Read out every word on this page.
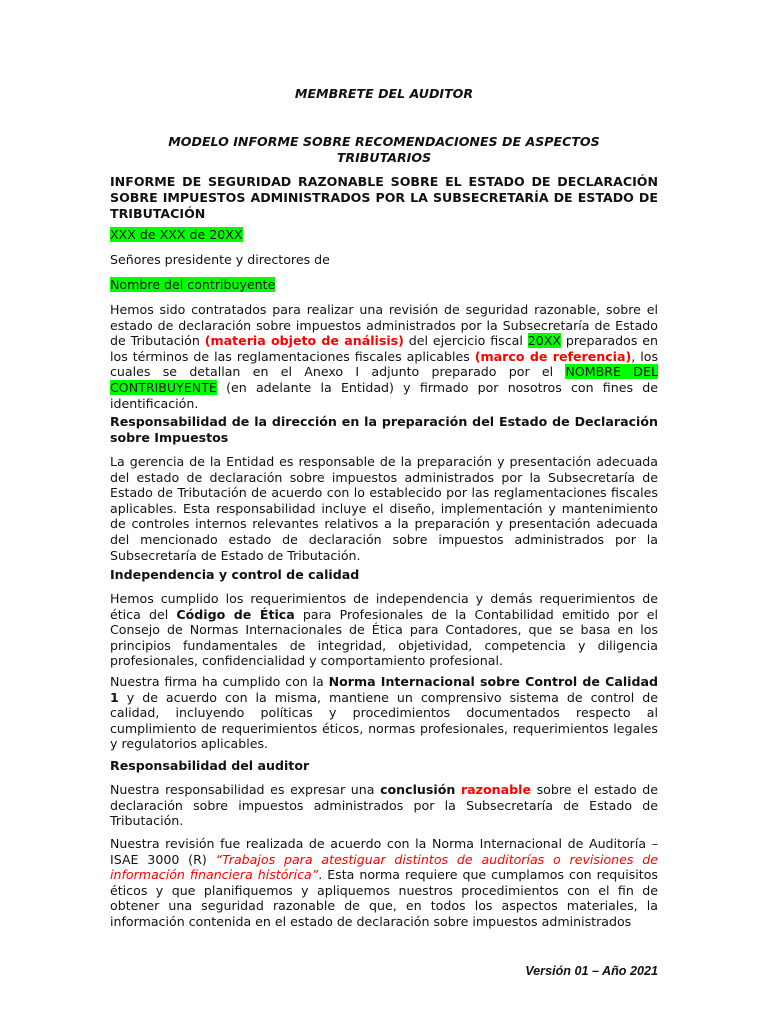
MEMBRETE DEL AUDITOR
MODELO INFORME SOBRE RECOMENDACIONES DE ASPECTOS
TRIBUTARIOS
INFORME DE SEGURIDAD RAZONABLE SOBRE EL ESTADO DE DECLARACIÓN SOBRE IMPUESTOS ADMINISTRADOS POR LA SUBSECRETARÍA DE ESTADO DE TRIBUTACIÓN
XXX de XXX de 20XX
Señores presidente y directores de
Nombre del contribuyente
Hemos sido contratados para realizar una revisión de seguridad razonable, sobre el estado de declaración sobre impuestos administrados por la Subsecretaría de Estado de Tributación (materia objeto de análisis) del ejercicio fiscal 20XX preparados en los términos de las reglamentaciones fiscales aplicables (marco de referencia), los cuales se detallan en el Anexo I adjunto preparado por el NOMBRE DEL CONTRIBUYENTE (en adelante la Entidad) y firmado por nosotros con fines de identificación.
Responsabilidad de la dirección en la preparación del Estado de Declaración sobre Impuestos
La gerencia de la Entidad es responsable de la preparación y presentación adecuada del estado de declaración sobre impuestos administrados por la Subsecretaría de Estado de Tributación de acuerdo con lo establecido por las reglamentaciones fiscales aplicables. Esta responsabilidad incluye el diseño, implementación y mantenimiento de controles internos relevantes relativos a la preparación y presentación adecuada del mencionado estado de declaración sobre impuestos administrados por la Subsecretaría de Estado de Tributación.
Independencia y control de calidad
Hemos cumplido los requerimientos de independencia y demás requerimientos de ética del Código de Ética para Profesionales de la Contabilidad emitido por el Consejo de Normas Internacionales de Ética para Contadores, que se basa en los principios fundamentales de integridad, objetividad, competencia y diligencia profesionales, confidencialidad y comportamiento profesional.
Nuestra firma ha cumplido con la Norma Internacional sobre Control de Calidad 1 y de acuerdo con la misma, mantiene un comprensivo sistema de control de calidad, incluyendo políticas y procedimientos documentados respecto al cumplimiento de requerimientos éticos, normas profesionales, requerimientos legales y regulatorios aplicables.
Responsabilidad del auditor
Nuestra responsabilidad es expresar una conclusión razonable sobre el estado de declaración sobre impuestos administrados por la Subsecretaría de Estado de Tributación.
Nuestra revisión fue realizada de acuerdo con la Norma Internacional de Auditoría – ISAE 3000 (R) “Trabajos para atestiguar distintos de auditorías o revisiones de información financiera histórica”. Esta norma requiere que cumplamos con requisitos éticos y que planifiquemos y apliquemos nuestros procedimientos con el fin de obtener una seguridad razonable de que, en todos los aspectos materiales, la información contenida en el estado de declaración sobre impuestos administrados
Versión 01 – Año 2021
